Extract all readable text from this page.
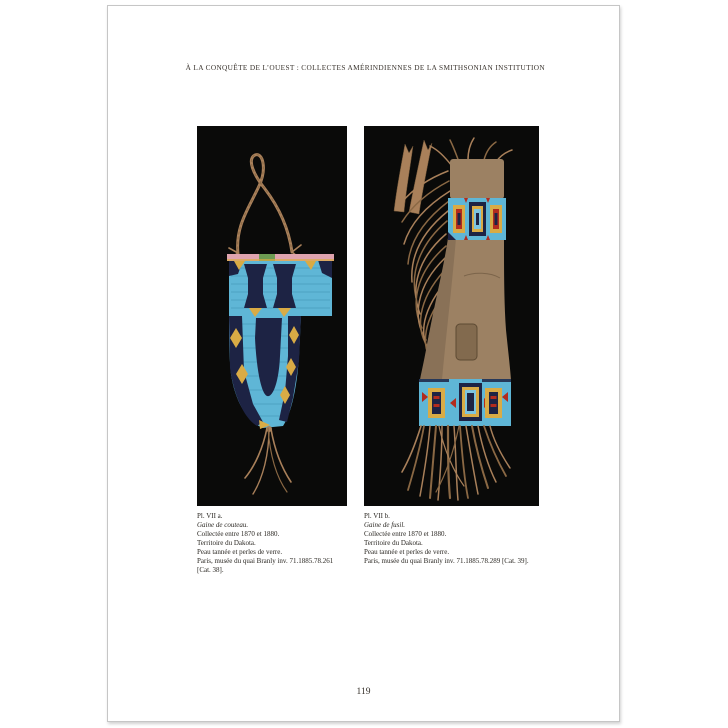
À LA CONQUÊTE DE L’OUEST : COLLECTES AMÉRINDIENNES DE LA SMITHSONIAN INSTITUTION
Pl. VII a.
Gaine de couteau.
Collectée entre 1870 et 1880.
Territoire du Dakota.
Peau tannée et perles de verre.
Paris, musée du quai Branly inv. 71.1885.78.261
[Cat. 38].
Pl. VII b.
Gaine de fusil.
Collectée entre 1870 et 1880.
Territoire du Dakota.
Peau tannée et perles de verre.
Paris, musée du quai Branly inv. 71.1885.78.289 [Cat. 39].
119
